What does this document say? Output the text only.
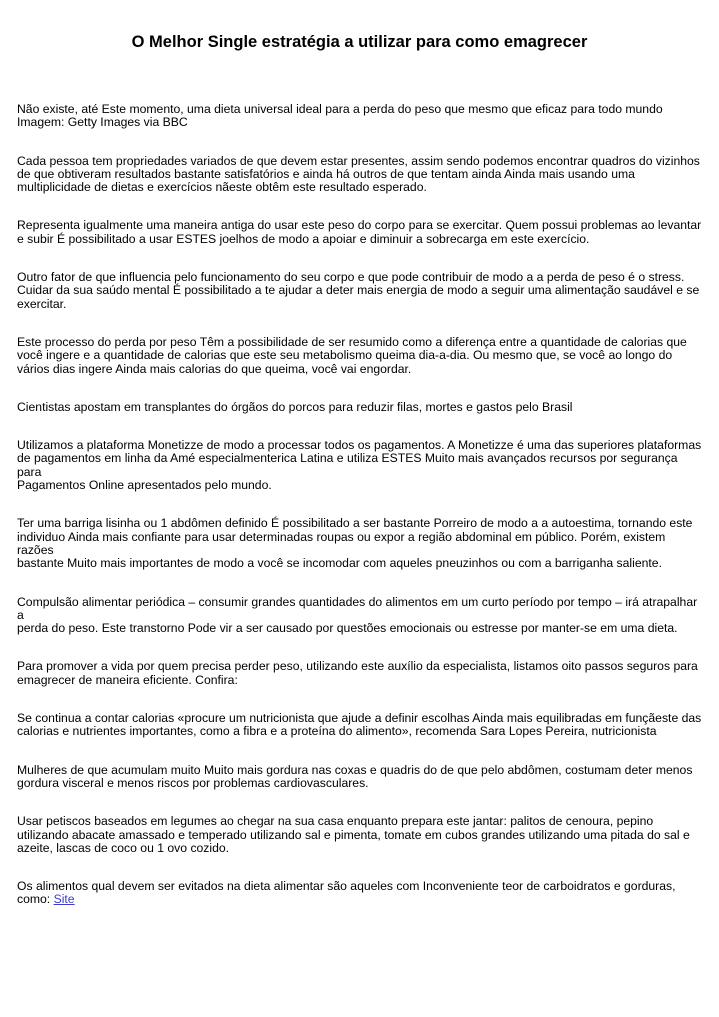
O Melhor Single estratégia a utilizar para como emagrecer

Não existe, até Este momento, uma dieta universal ideal para a perda do peso que mesmo que eficaz para todo mundo
Imagem: Getty Images via BBC

Cada pessoa tem propriedades variados de que devem estar presentes, assim sendo podemos encontrar quadros do vizinhos
de que obtiveram resultados bastante satisfatórios e ainda há outros de que tentam ainda Ainda mais usando uma
multiplicidade de dietas e exercícios nãeste obtêm este resultado esperado.

Representa igualmente uma maneira antiga do usar este peso do corpo para se exercitar. Quem possui problemas ao levantar
e subir É possibilitado a usar ESTES joelhos de modo a apoiar e diminuir a sobrecarga em este exercício.

Outro fator de que influencia pelo funcionamento do seu corpo e que pode contribuir de modo a a perda de peso é o stress.
Cuidar da sua saúdo mental É possibilitado a te ajudar a deter mais energia de modo a seguir uma alimentação saudável e se
exercitar.

Este processo do perda por peso Têm a possibilidade de ser resumido como a diferença entre a quantidade de calorias que
você ingere e a quantidade de calorias que este seu metabolismo queima dia-a-dia. Ou mesmo que, se você ao longo do
vários dias ingere Ainda mais calorias do que queima, você vai engordar.

Cientistas apostam em transplantes do órgãos do porcos para reduzir filas, mortes e gastos pelo Brasil

Utilizamos a plataforma Monetizze de modo a processar todos os pagamentos. A Monetizze é uma das superiores plataformas
de pagamentos em linha da Amé especialmenterica Latina e utiliza ESTES Muito mais avançados recursos por segurança para
Pagamentos Online apresentados pelo mundo.

Ter uma barriga lisinha ou 1 abdômen definido É possibilitado a ser bastante Porreiro de modo a a autoestima, tornando este
individuo Ainda mais confiante para usar determinadas roupas ou expor a região abdominal em público. Porém, existem razões
bastante Muito mais importantes de modo a você se incomodar com aqueles pneuzinhos ou com a barriganha saliente.

Compulsão alimentar periódica – consumir grandes quantidades do alimentos em um curto período por tempo – irá atrapalhar a
perda do peso. Este transtorno Pode vir a ser causado por questões emocionais ou estresse por manter-se em uma dieta.

Para promover a vida por quem precisa perder peso, utilizando este auxílio da especialista, listamos oito passos seguros para
emagrecer de maneira eficiente. Confira:

Se continua a contar calorias «procure um nutricionista que ajude a definir escolhas Ainda mais equilibradas em funçãeste das
calorias e nutrientes importantes, como a fibra e a proteína do alimento», recomenda Sara Lopes Pereira, nutricionista

Mulheres de que acumulam muito Muito mais gordura nas coxas e quadris do de que pelo abdômen, costumam deter menos
gordura visceral e menos riscos por problemas cardiovasculares.

Usar petiscos baseados em legumes ao chegar na sua casa enquanto prepara este jantar: palitos de cenoura, pepino
utilizando abacate amassado e temperado utilizando sal e pimenta, tomate em cubos grandes utilizando uma pitada do sal e
azeite, lascas de coco ou 1 ovo cozido.

Os alimentos qual devem ser evitados na dieta alimentar são aqueles com Inconveniente teor de carboidratos e gorduras,
como: Site
